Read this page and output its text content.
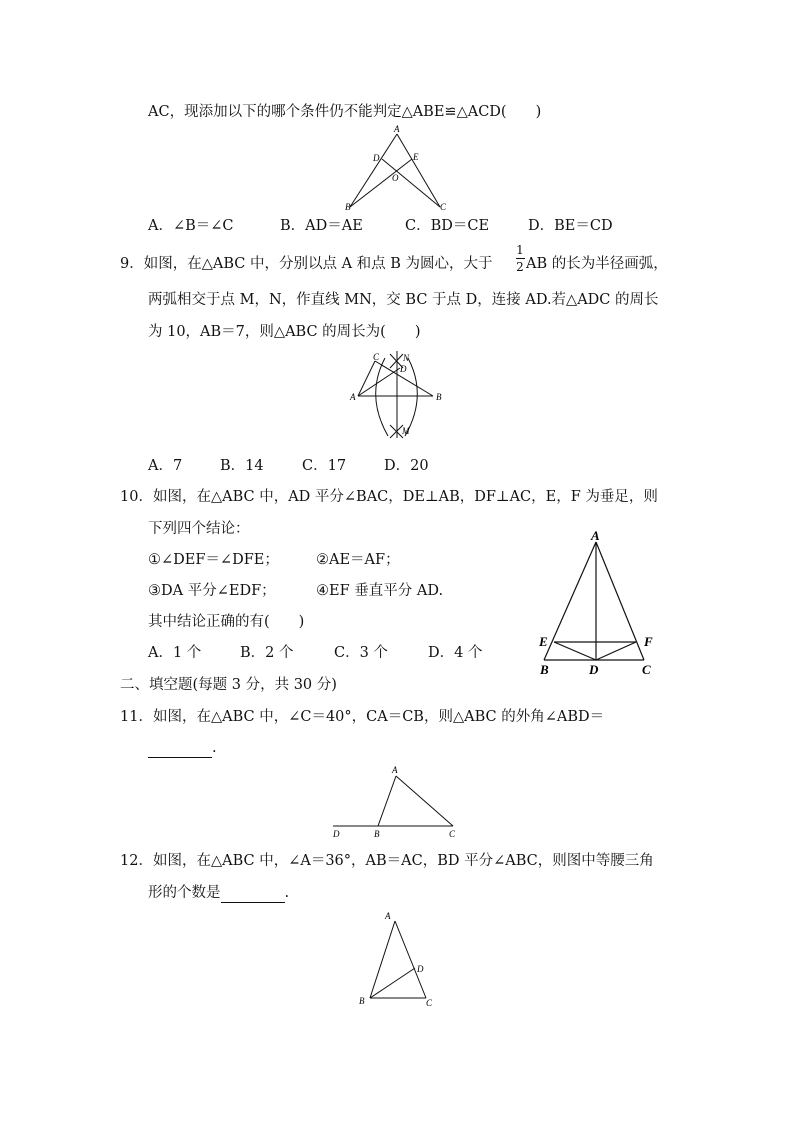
AC，现添加以下的哪个条件仍不能判定△ABE≌△ACD(　　)
A
D	E
O
B	C
A．∠B＝∠C	B．AD＝AE	C．BD＝CE	D．BE＝CD
9．如图，在△ABC 中，分别以点 A 和点 B 为圆心，大于
1
2 AB 的长为半径画弧，
两弧相交于点 M，N，作直线 MN，交 BC 于点 D，连接 AD.若△ADC 的周长
为 10，AB＝7，则△ABC 的周长为(　　)
C	N
D
A	B
M
A．7	B．14	C．17	D．20
10．如图，在△ABC 中，AD 平分∠BAC，DE⊥AB，DF⊥AC，E，F 为垂足，则
下列四个结论：
①∠DEF＝∠DFE；	②AE＝AF；
③DA 平分∠EDF；	④EF 垂直平分 AD.
其中结论正确的有(　　)
A．1 个	B．2 个	C．3 个	D．4 个
A
E	F
B	D	C
二、填空题(每题 3 分，共 30 分)
11．如图，在△ABC 中，∠C＝40°，CA＝CB，则△ABC 的外角∠ABD＝
.
A
D	B	C
12．如图，在△ABC 中，∠A＝36°，AB＝AC，BD 平分∠ABC，则图中等腰三角
形的个数是	.
A
D
B	C
